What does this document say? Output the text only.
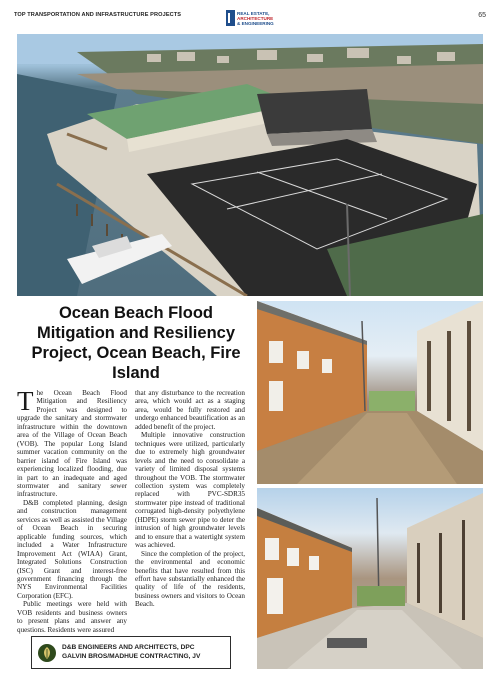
TOP TRANSPORTATION AND INFRASTRUCTURE PROJECTS	REAL ESTATE,
ARCHITECTURE
& ENGINEERING
65
Ocean Beach Flood Mitigation and Resiliency Project, Ocean Beach, Fire Island

The Ocean Beach Flood Mitigation and Resiliency Project was designed to upgrade the sanitary and stormwater infrastructure within the downtown area of the Village of Ocean Beach (VOB). The popular Long Island summer vacation community on the barrier island of Fire Island was experiencing localized flooding, due in part to an inadequate and aged stormwater and sanitary sewer infrastructure.

D&B completed planning, design and construction management services as well as assisted the Village of Ocean Beach in securing applicable funding sources, which included a Water Infrastructure Improvement Act (WIAA) Grant, Integrated Solutions Construction (ISC) Grant and interest-free government financing through the NYS Environmental Facilities Corporation (EFC).

Public meetings were held with VOB residents and business owners to present plans and answer any questions. Residents were assured

that any disturbance to the recreation area, which would act as a staging area, would be fully restored and undergo enhanced beautification as an added benefit of the project.

Multiple innovative construction techniques were utilized, particularly due to extremely high groundwater levels and the need to consolidate a variety of limited disposal systems throughout the VOB. The stormwater collection system was completely replaced with PVC-SDR35 stormwater pipe instead of traditional corrugated high-density polyethylene (HDPE) storm sewer pipe to deter the intrusion of high groundwater levels and to ensure that a watertight system was achieved.

Since the completion of the project, the environmental and economic benefits that have resulted from this effort have substantially enhanced the quality of life of the residents, business owners and visitors to Ocean Beach.

D&B ENGINEERS AND ARCHITECTS, DPC
GALVIN BROS/MADHUE CONTRACTING, JV
